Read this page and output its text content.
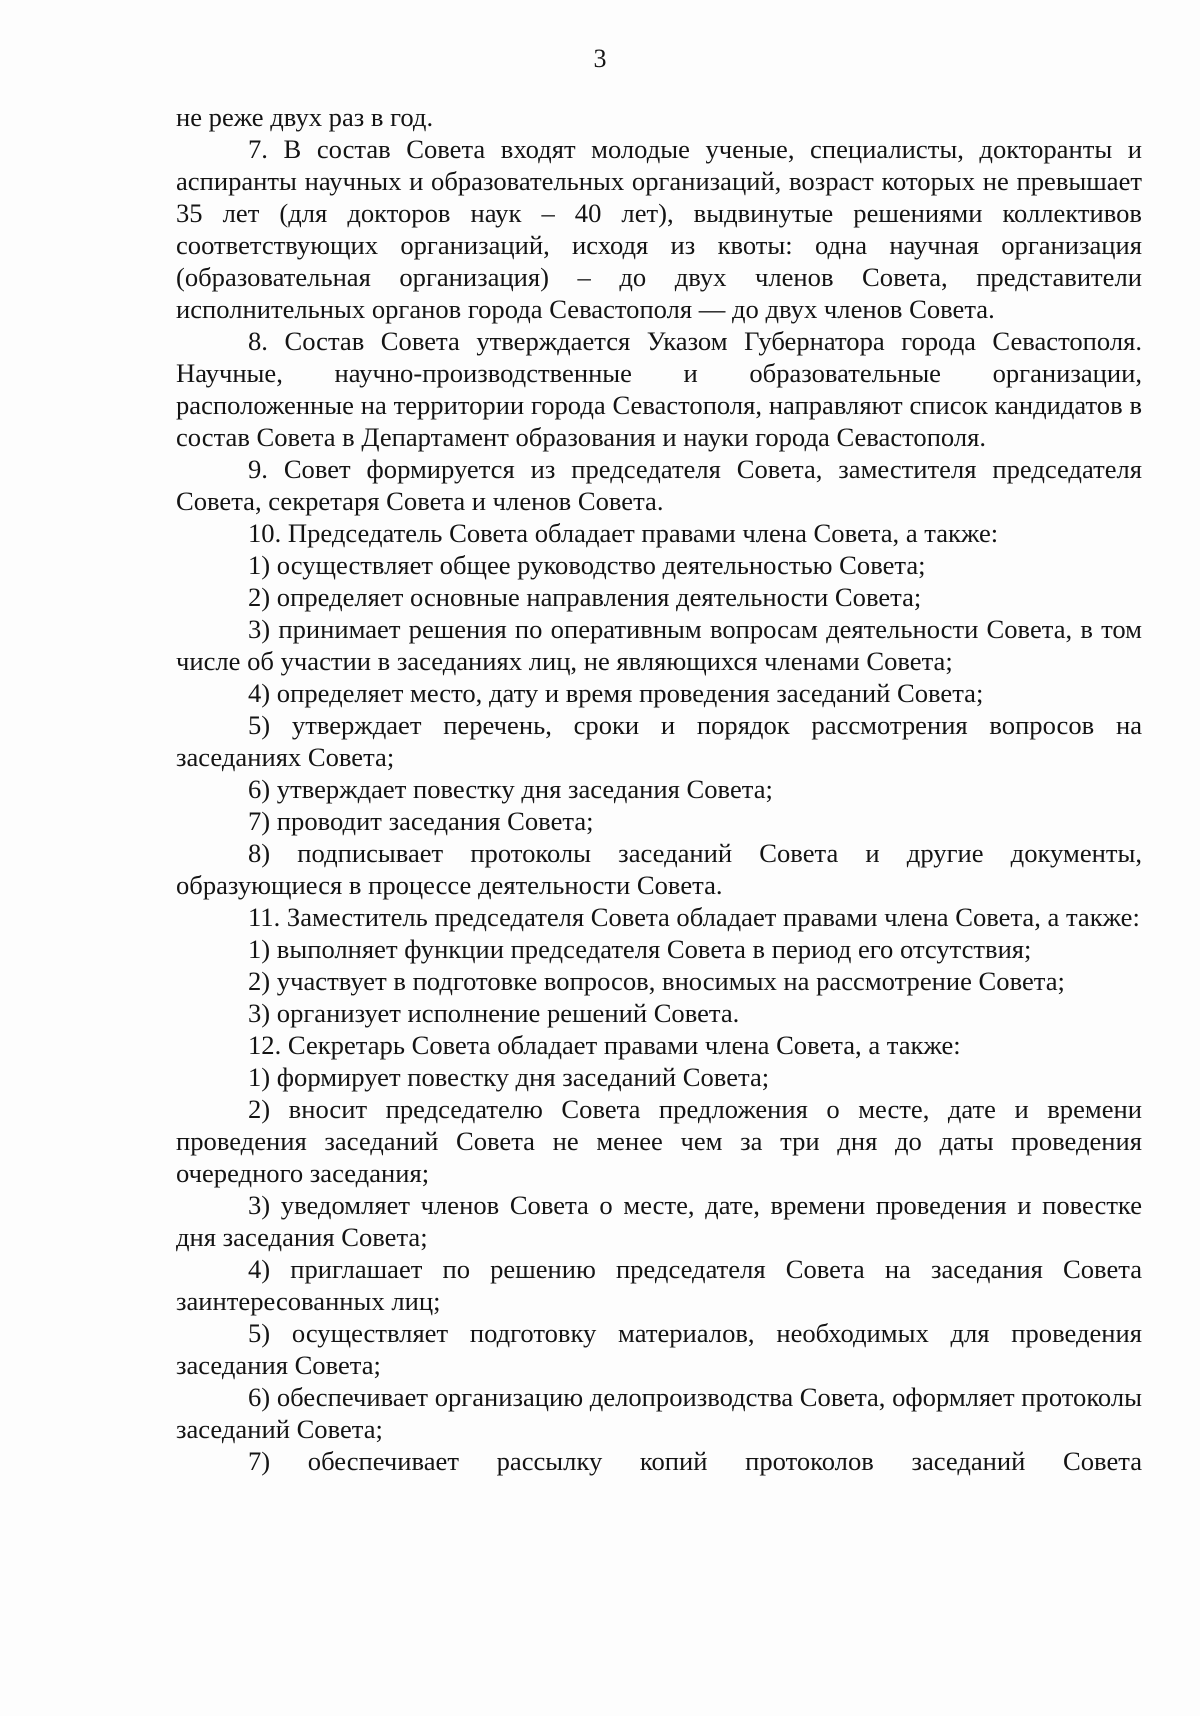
3

не реже двух раз в год.

7. В состав Совета входят молодые ученые, специалисты, докторанты и аспиранты научных и образовательных организаций, возраст которых не превышает 35 лет (для докторов наук – 40 лет), выдвинутые решениями коллективов соответствующих организаций, исходя из квоты: одна научная организация (образовательная организация) – до двух членов Совета, представители исполнительных органов города Севастополя — до двух членов Совета.

8. Состав Совета утверждается Указом Губернатора города Севастополя. Научные, научно-производственные и образовательные организации, расположенные на территории города Севастополя, направляют список кандидатов в состав Совета в Департамент образования и науки города Севастополя.

9. Совет формируется из председателя Совета, заместителя председателя Совета, секретаря Совета и членов Совета.

10. Председатель Совета обладает правами члена Совета, а также:

1) осуществляет общее руководство деятельностью Совета;

2) определяет основные направления деятельности Совета;

3) принимает решения по оперативным вопросам деятельности Совета, в том числе об участии в заседаниях лиц, не являющихся членами Совета;

4) определяет место, дату и время проведения заседаний Совета;

5) утверждает перечень, сроки и порядок рассмотрения вопросов на заседаниях Совета;

6) утверждает повестку дня заседания Совета;

7) проводит заседания Совета;

8) подписывает протоколы заседаний Совета и другие документы, образующиеся в процессе деятельности Совета.

11. Заместитель председателя Совета обладает правами члена Совета, а также:

1) выполняет функции председателя Совета в период его отсутствия;

2) участвует в подготовке вопросов, вносимых на рассмотрение Совета;

3) организует исполнение решений Совета.

12. Секретарь Совета обладает правами члена Совета, а также:

1) формирует повестку дня заседаний Совета;

2) вносит председателю Совета предложения о месте, дате и времени проведения заседаний Совета не менее чем за три дня до даты проведения очередного заседания;

3) уведомляет членов Совета о месте, дате, времени проведения и повестке дня заседания Совета;

4) приглашает по решению председателя Совета на заседания Совета заинтересованных лиц;

5) осуществляет подготовку материалов, необходимых для проведения заседания Совета;

6) обеспечивает организацию делопроизводства Совета, оформляет протоколы заседаний Совета;

7) обеспечивает рассылку копий протоколов заседаний Совета
